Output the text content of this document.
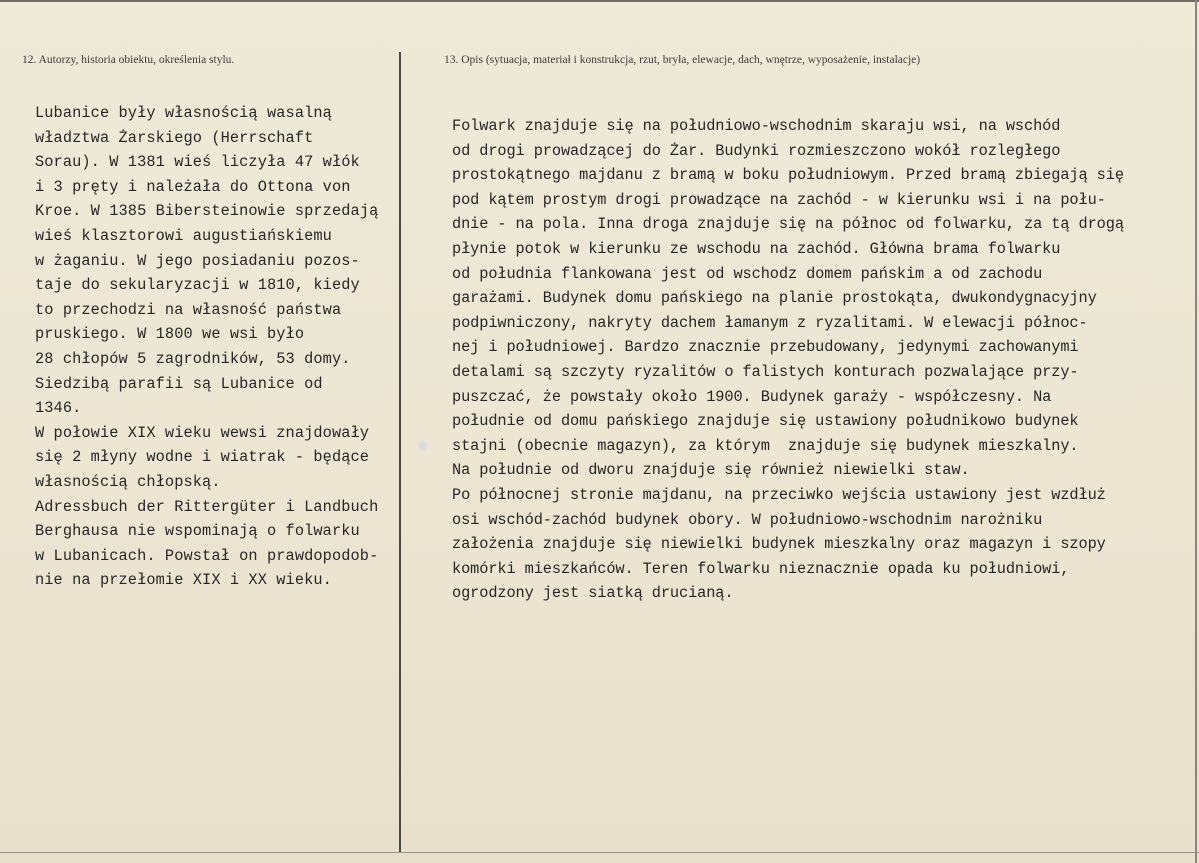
12. Autorzy, historia obiektu, określenia stylu.	13. Opis (sytuacja, materiał i konstrukcja, rzut, bryła, elewacje, dach, wnętrze, wyposażenie, instalacje)
Lubanice były własnością wasalną
władztwa Żarskiego (Herrschaft
Sorau). W 1381 wieś liczyła 47 włók
i 3 pręty i należała do Ottona von
Kroe. W 1385 Bibersteinowie sprzedają
wieś klasztorowi augustiańskiemu
w żaganiu. W jego posiadaniu pozos-
taje do sekularyzacji w 1810, kiedy
to przechodzi na własność państwa
pruskiego. W 1800 we wsi było
28 chłopów 5 zagrodników, 53 domy.
Siedzibą parafii są Lubanice od
1346.
W połowie XIX wieku wewsi znajdowały
się 2 młyny wodne i wiatrak - będące
własnością chłopską.
Adressbuch der Rittergüter i Landbuch
Berghausa nie wspominają o folwarku
w Lubanicach. Powstał on prawdopodob-
nie na przełomie XIX i XX wieku.
Folwark znajduje się na południowo-wschodnim skaraju wsi, na wschód
od drogi prowadzącej do Żar. Budynki rozmieszczono wokół rozległego
prostokątnego majdanu z bramą w boku południowym. Przed bramą zbiegają się
pod kątem prostym drogi prowadzące na zachód - w kierunku wsi i na połu-
dnie - na pola. Inna droga znajduje się na północ od folwarku, za tą drogą
płynie potok w kierunku ze wschodu na zachód. Główna brama folwarku
od południa flankowana jest od wschodz domem pańskim a od zachodu
garażami. Budynek domu pańskiego na planie prostokąta, dwukondygnacyjny
podpiwniczony, nakryty dachem łamanym z ryzalitami. W elewacji północ-
nej i południowej. Bardzo znacznie przebudowany, jedynymi zachowanymi
detalami są szczyty ryzalitów o falistych konturach pozwalające przy-
puszczać, że powstały około 1900. Budynek garaży - współczesny. Na
południe od domu pańskiego znajduje się ustawiony południkowo budynek
stajni (obecnie magazyn), za którym  znajduje się budynek mieszkalny.
Na południe od dworu znajduje się również niewielki staw.
Po północnej stronie majdanu, na przeciwko wejścia ustawiony jest wzdłuż
osi wschód-zachód budynek obory. W południowo-wschodnim narożniku
założenia znajduje się niewielki budynek mieszkalny oraz magazyn i szopy
komórki mieszkańców. Teren folwarku nieznacznie opada ku południowi,
ogrodzony jest siatką drucianą.
